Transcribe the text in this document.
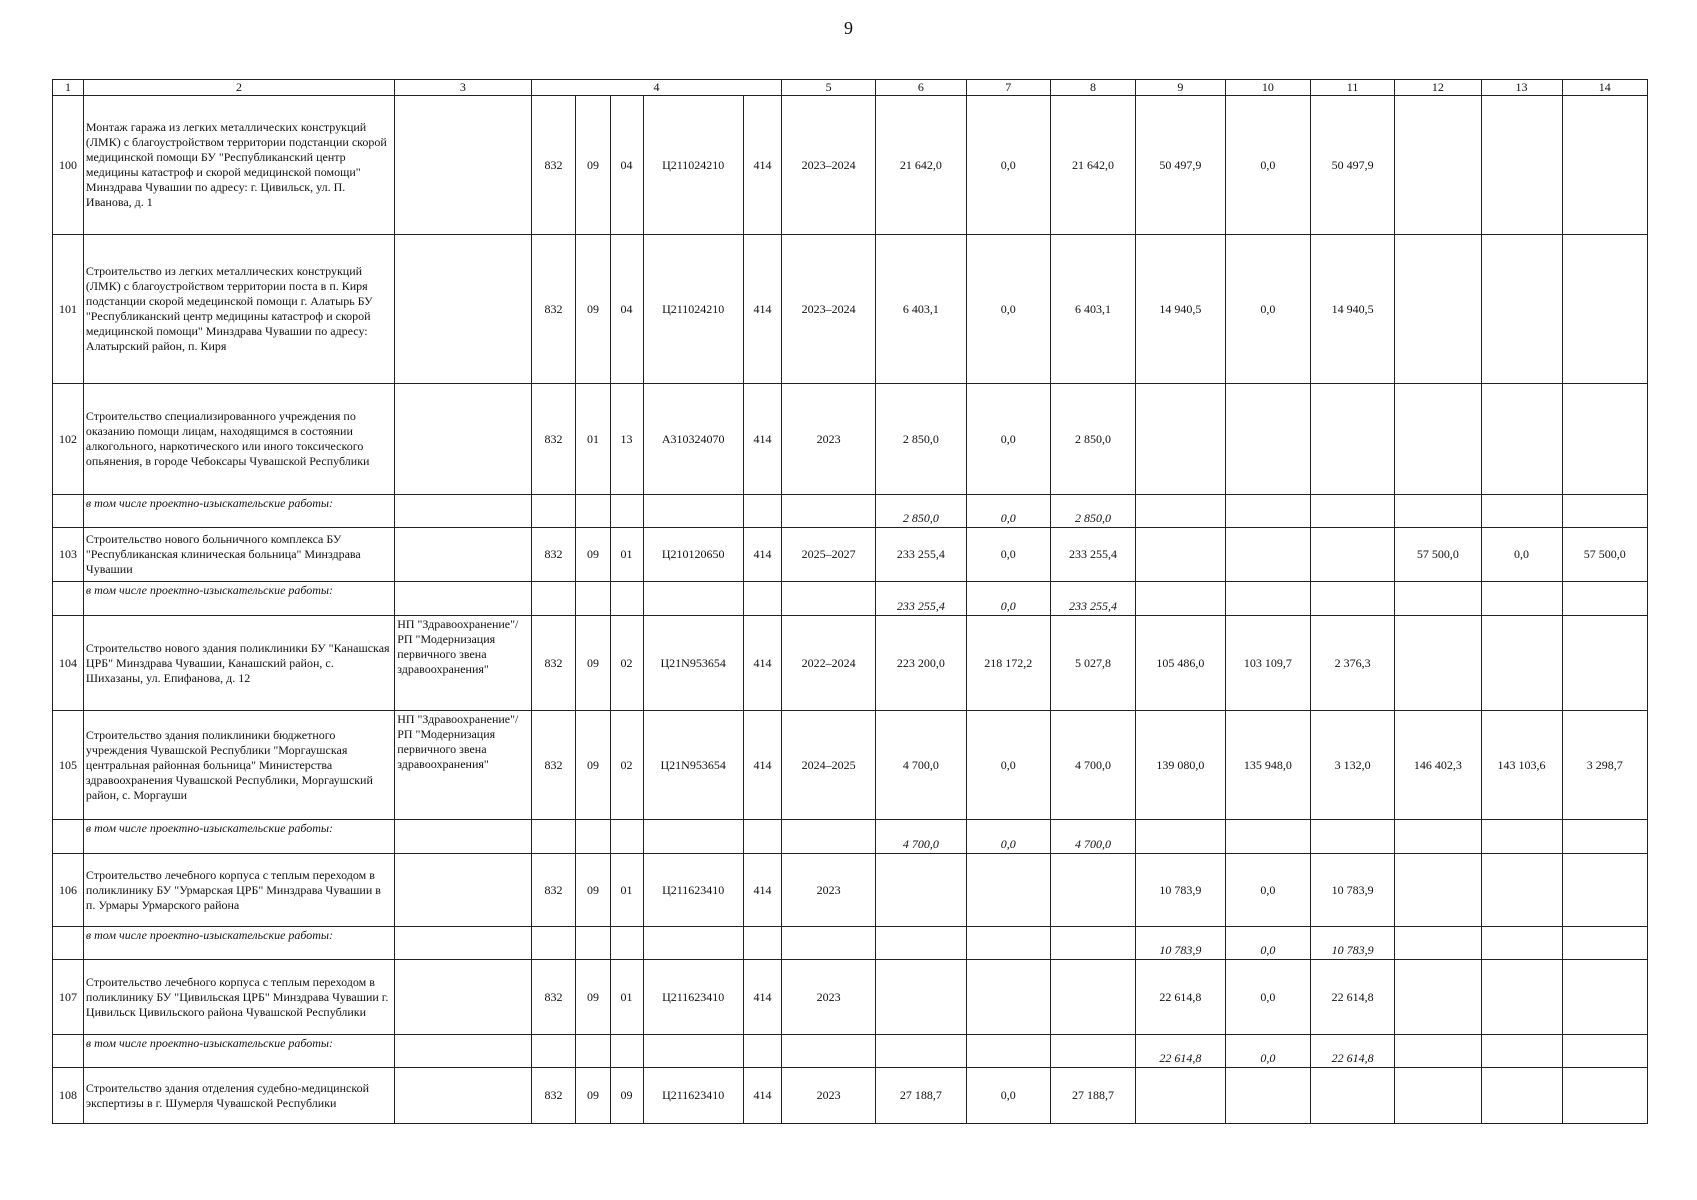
9
1	2	3	4					5	6	7	8	9	10	11	12	13	14
100	Монтаж гаража из легких металлических конструкций (ЛМК) с благоустройством территории подстанции скорой медицинской помощи БУ "Республиканский центр медицины катастроф и скорой медицинской помощи" Минздрава Чувашии по адресу: г. Цивильск, ул. П. Иванова, д. 1		832	09	04	Ц211024210	414	2023–2024	21 642,0	0,0	21 642,0	50 497,9	0,0	50 497,9			
101	Строительство из легких металлических конструкций (ЛМК) с благоустройством территории поста в п. Киря подстанции скорой медецинской помощи г. Алатырь БУ "Республиканский центр медицины катастроф и скорой медицинской помощи" Минздрава Чувашии по адресу: Алатырский район, п. Киря		832	09	04	Ц211024210	414	2023–2024	6 403,1	0,0	6 403,1	14 940,5	0,0	14 940,5			
102	Строительство специализированного учреждения по оказанию помощи лицам, находящимся в состоянии алкогольного, наркотического или иного токсического опьянения, в городе Чебоксары Чувашской Республики		832	01	13	А310324070	414	2023	2 850,0	0,0	2 850,0						
	в том числе проектно-изыскательские работы:								2 850,0	0,0	2 850,0						
103	Строительство нового больничного комплекса БУ "Республиканская клиническая больница" Минздрава Чувашии		832	09	01	Ц210120650	414	2025–2027	233 255,4	0,0	233 255,4				57 500,0	0,0	57 500,0
	в том числе проектно-изыскательские работы:								233 255,4	0,0	233 255,4						
104	Строительство нового здания поликлиники БУ "Канашская ЦРБ" Минздрава Чувашии, Канашский район, с. Шихазаны, ул. Епифанова, д. 12	НП "Здравоохранение"/ РП "Модернизация первичного звена здравоохранения"	832	09	02	Ц21N953654	414	2022–2024	223 200,0	218 172,2	5 027,8	105 486,0	103 109,7	2 376,3			
105	Строительство здания поликлиники бюджетного учреждения Чувашской Республики "Моргаушская центральная районная больница" Министерства здравоохранения Чувашской Республики, Моргаушский район, с. Моргауши	НП "Здравоохранение"/ РП "Модернизация первичного звена здравоохранения"	832	09	02	Ц21N953654	414	2024–2025	4 700,0	0,0	4 700,0	139 080,0	135 948,0	3 132,0	146 402,3	143 103,6	3 298,7
	в том числе проектно-изыскательские работы:								4 700,0	0,0	4 700,0						
106	Строительство лечебного корпуса с теплым переходом в поликлинику БУ "Урмарская ЦРБ" Минздрава Чувашии в п. Урмары Урмарского района		832	09	01	Ц211623410	414	2023				10 783,9	0,0	10 783,9			
	в том числе проектно-изыскательские работы:											10 783,9	0,0	10 783,9			
107	Строительство лечебного корпуса с теплым переходом в поликлинику БУ "Цивильская ЦРБ" Минздрава Чувашии г. Цивильск Цивильского района Чувашской Республики		832	09	01	Ц211623410	414	2023				22 614,8	0,0	22 614,8			
	в том числе проектно-изыскательские работы:											22 614,8	0,0	22 614,8			
108	Строительство здания отделения судебно-медицинской экспертизы в г. Шумерля Чувашской Республики		832	09	09	Ц211623410	414	2023	27 188,7	0,0	27 188,7						
